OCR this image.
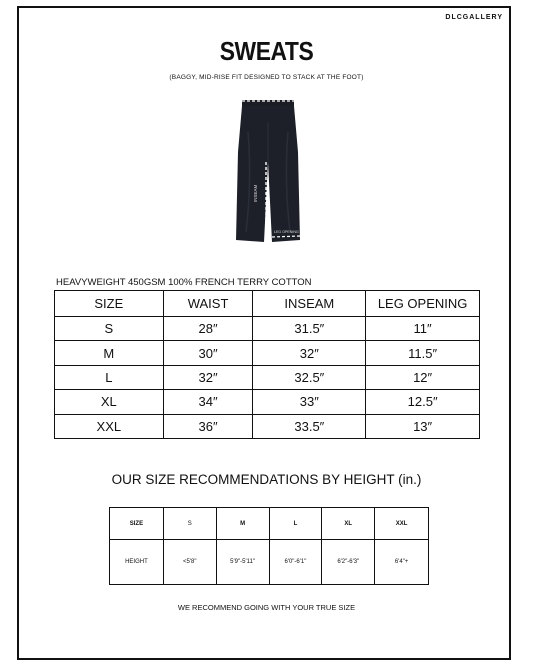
DLCGALLERY
SWEATS
(BAGGY, MID-RISE FIT DESIGNED TO STACK AT THE FOOT)
INSEAM
LEG OPENING
HEAVYWEIGHT 450GSM 100% FRENCH TERRY COTTON
SIZE	WAIST	INSEAM	LEG OPENING
S	28″	31.5″	11″
M	30″	32″	11.5″
L	32″	32.5″	12″
XL	34″	33″	12.5″
XXL	36″	33.5″	13″
OUR SIZE RECOMMENDATIONS BY HEIGHT (in.)
SIZE	S	M	L	XL	XXL
HEIGHT	<5'8"	5'9"-5'11"	6'0"-6'1"	6'2"-6'3"	6'4"+
WE RECOMMEND GOING WITH YOUR TRUE SIZE
